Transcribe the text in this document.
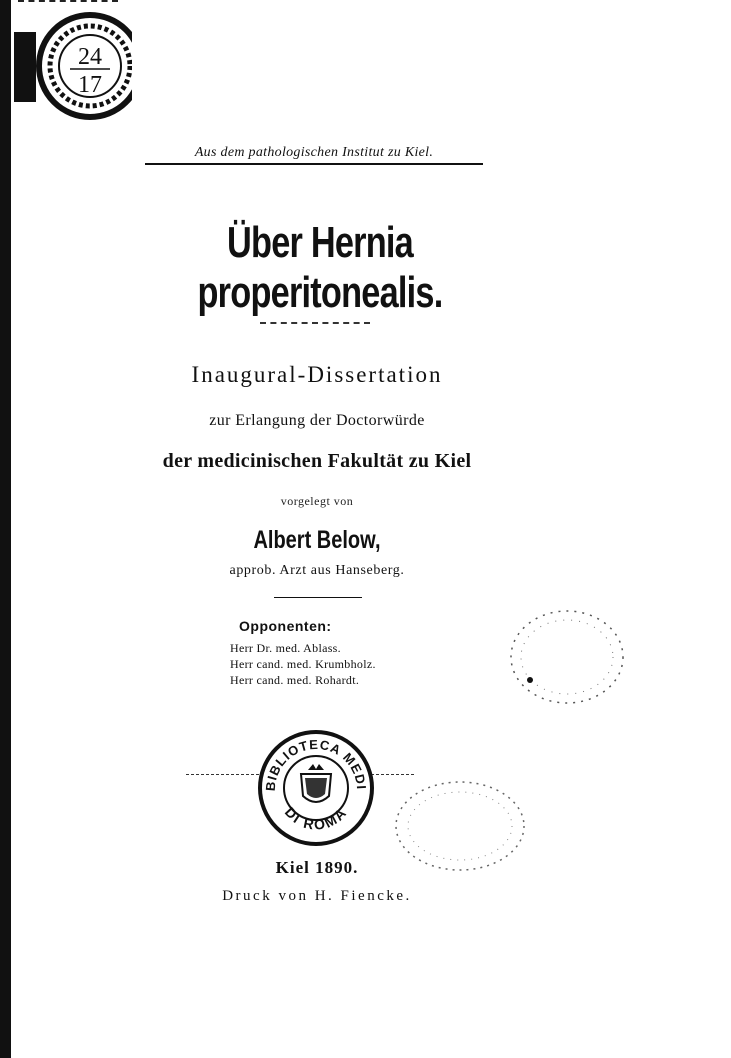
24
17
Aus dem pathologischen Institut zu Kiel.
Über Hernia properitonealis.
Inaugural-Dissertation
zur Erlangung der Doctorwürde
der medicinischen Fakultät zu Kiel
vorgelegt von
Albert Below,
approb. Arzt aus Hanseberg.
Opponenten:
Herr Dr. med. Ablass.
Herr cand. med. Krumbholz.
Herr cand. med. Rohardt.
BIBLIOTECA MEDI
DI ROMA
Kiel 1890.
Druck von H. Fiencke.
